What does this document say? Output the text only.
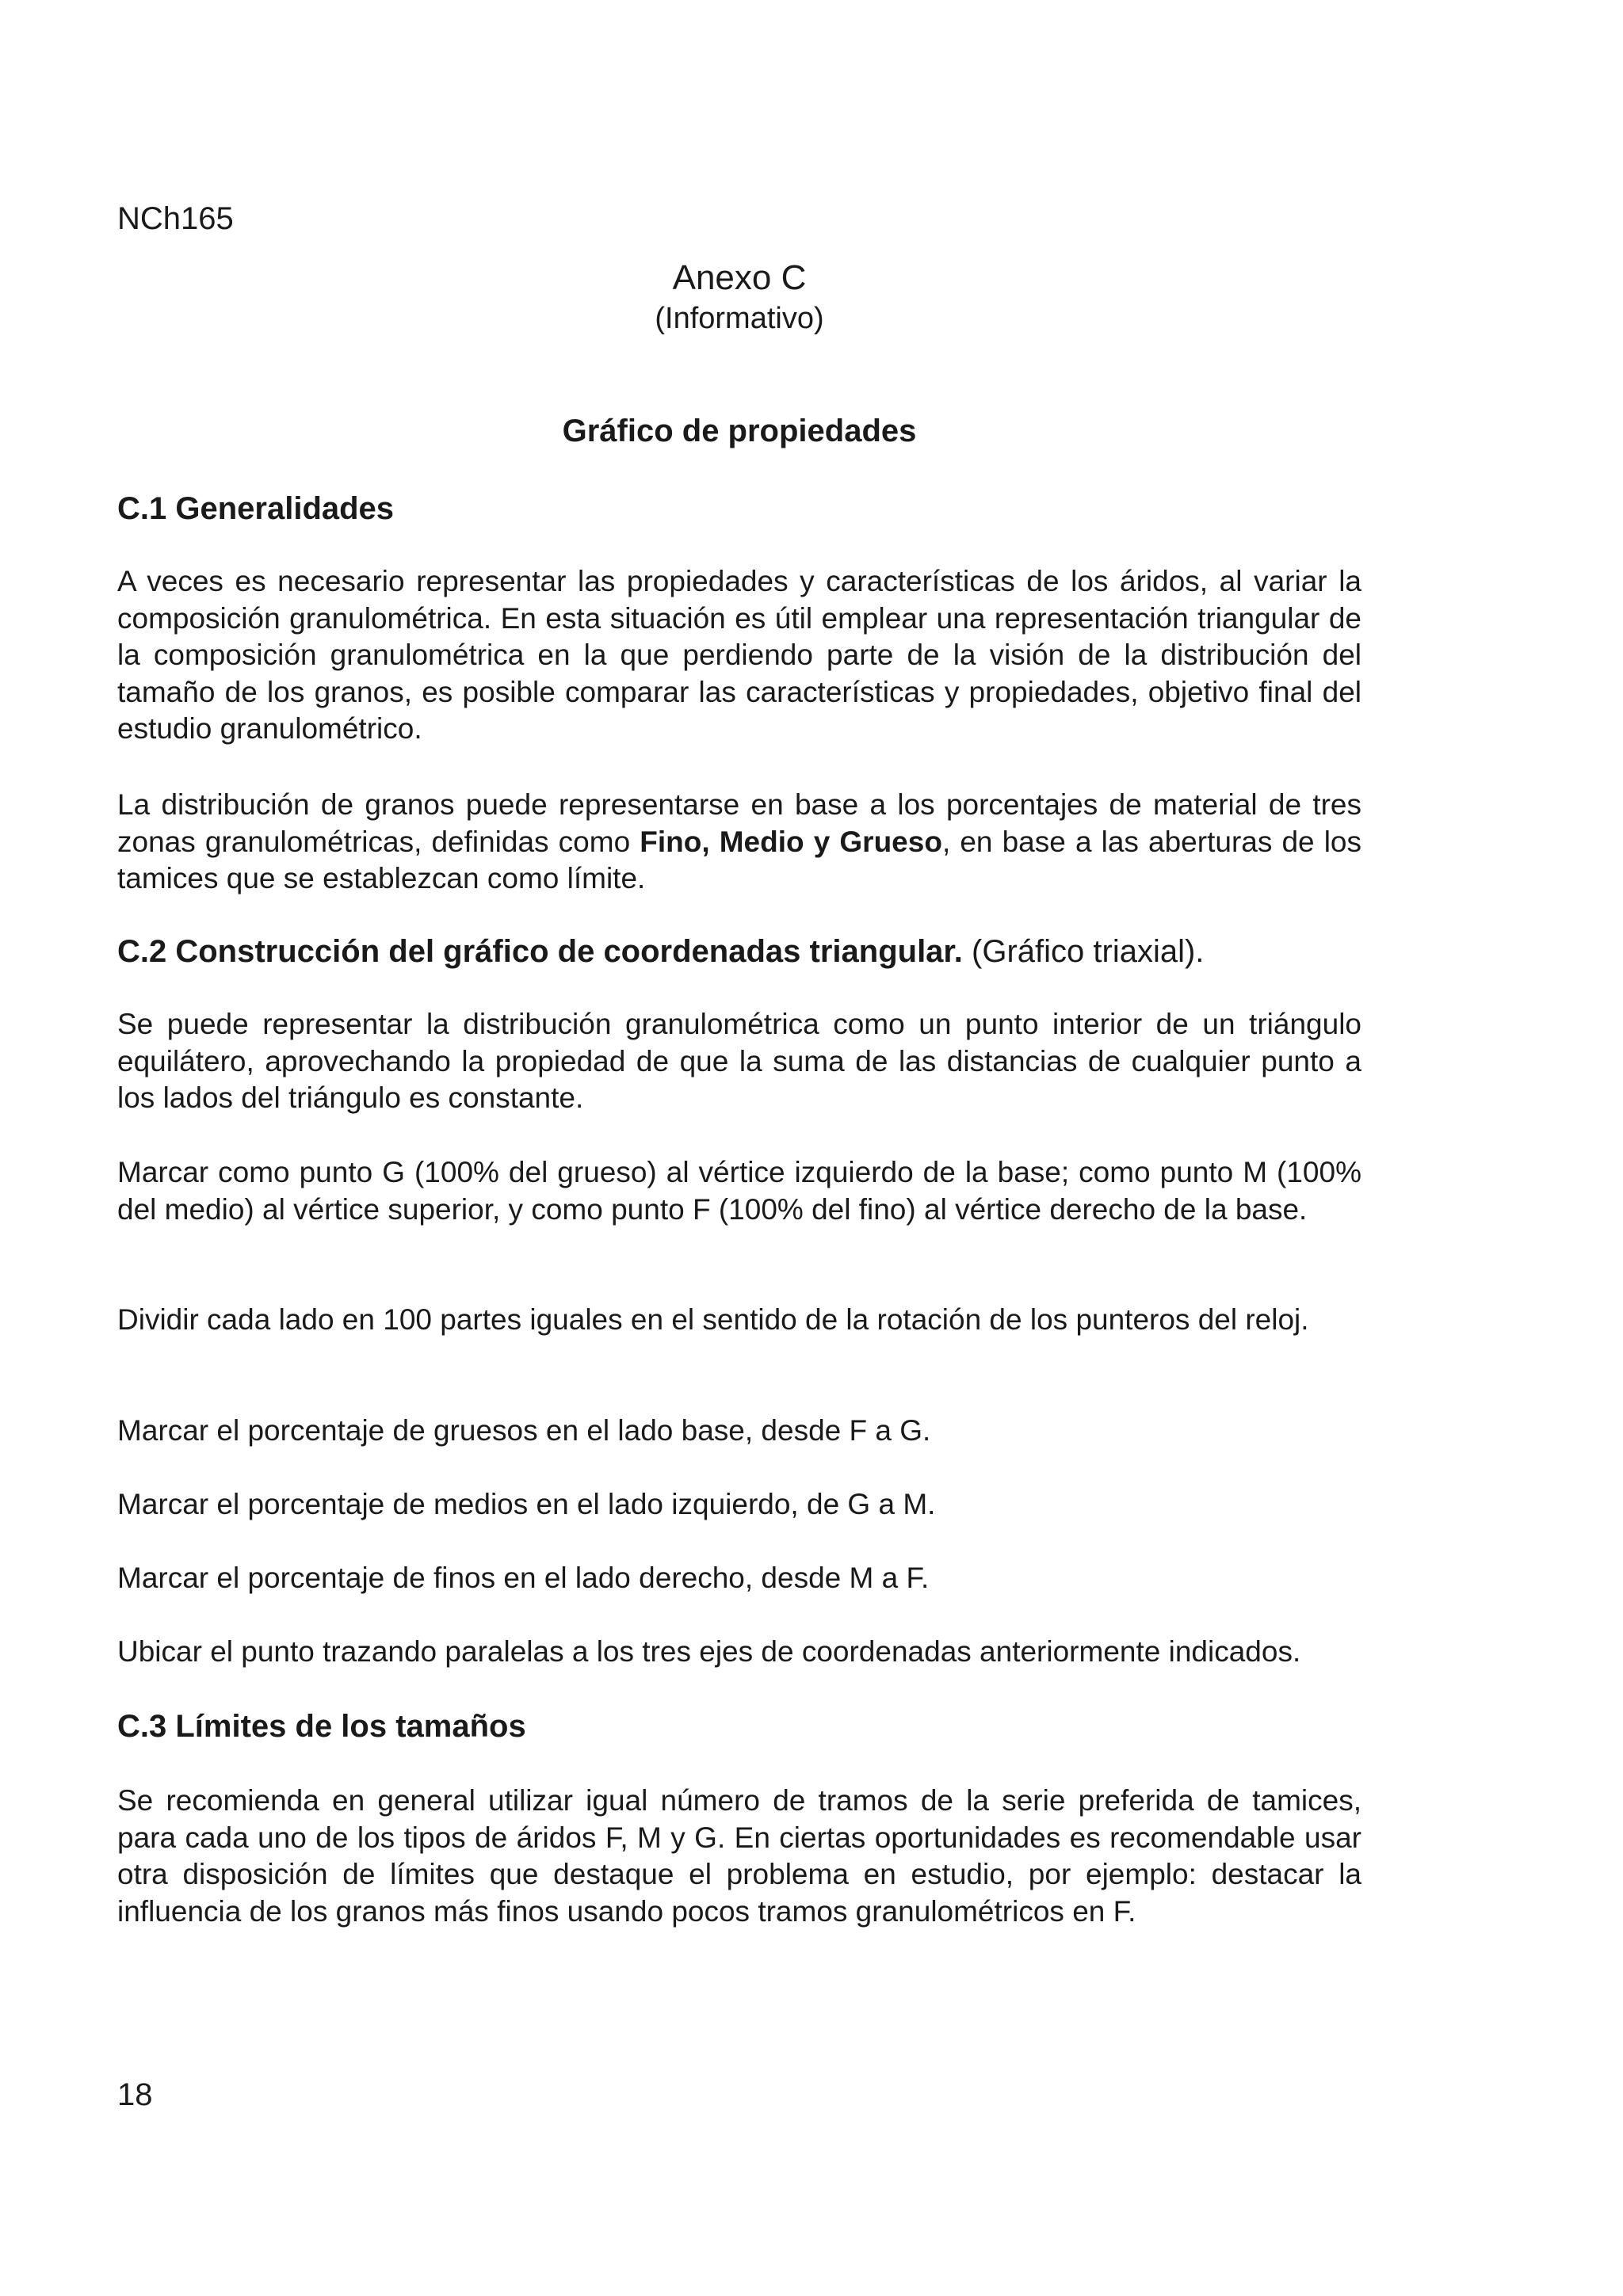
NCh165
Anexo C
(Informativo)
Gráfico de propiedades
C.1 Generalidades

A veces es necesario representar las propiedades y características de los áridos, al variar la composición granulométrica. En esta situación es útil emplear una representación triangular de la composición granulométrica en la que perdiendo parte de la visión de la distribución del tamaño de los granos, es posible comparar las características y propiedades, objetivo final del estudio granulométrico.

La distribución de granos puede representarse en base a los porcentajes de material de tres zonas granulométricas, definidas como Fino, Medio y Grueso, en base a las aberturas de los tamices que se establezcan como límite.

C.2 Construcción del gráfico de coordenadas triangular. (Gráfico triaxial).

Se puede representar la distribución granulométrica como un punto interior de un triángulo equilátero, aprovechando la propiedad de que la suma de las distancias de cualquier punto a los lados del triángulo es constante.

Marcar como punto G (100% del grueso) al vértice izquierdo de la base; como punto M (100% del medio) al vértice superior, y como punto F (100% del fino) al vértice derecho de la base.

Dividir cada lado en 100 partes iguales en el sentido de la rotación de los punteros del reloj.

Marcar el porcentaje de gruesos en el lado base, desde F a G.

Marcar el porcentaje de medios en el lado izquierdo, de G a M.

Marcar el porcentaje de finos en el lado derecho, desde M a F.

Ubicar el punto trazando paralelas a los tres ejes de coordenadas anteriormente indicados.

C.3 Límites de los tamaños

Se recomienda en general utilizar igual número de tramos de la serie preferida de tamices, para cada uno de los tipos de áridos F, M y G. En ciertas oportunidades es recomendable usar otra disposición de límites que destaque el problema en estudio, por ejemplo: destacar la influencia de los granos más finos usando pocos tramos granulométricos en F.

18
